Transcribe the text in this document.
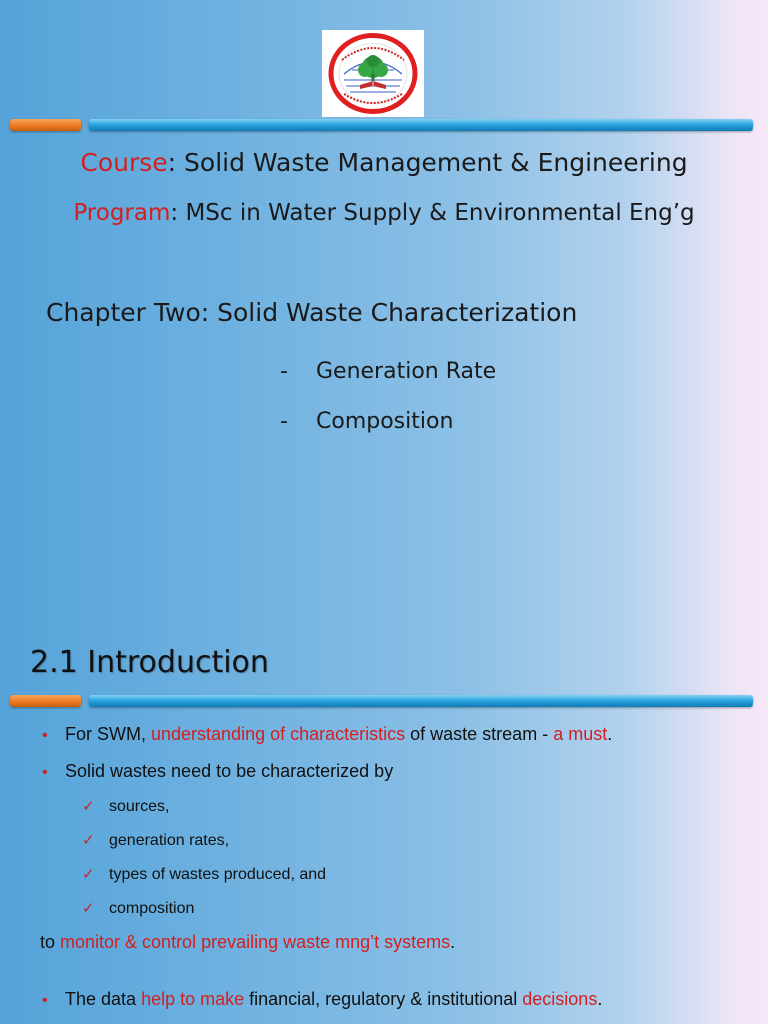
Course: Solid Waste Management & Engineering
Program: MSc in Water Supply & Environmental Eng’g
Chapter Two: Solid Waste Characterization
- Generation Rate
- Composition
2.1 Introduction
• For SWM, understanding of characteristics of waste stream - a must.
• Solid wastes need to be characterized by
✓ sources,
✓ generation rates,
✓ types of wastes produced, and
✓ composition
to monitor & control prevailing waste mng’t systems.
• The data help to make financial, regulatory & institutional decisions.
